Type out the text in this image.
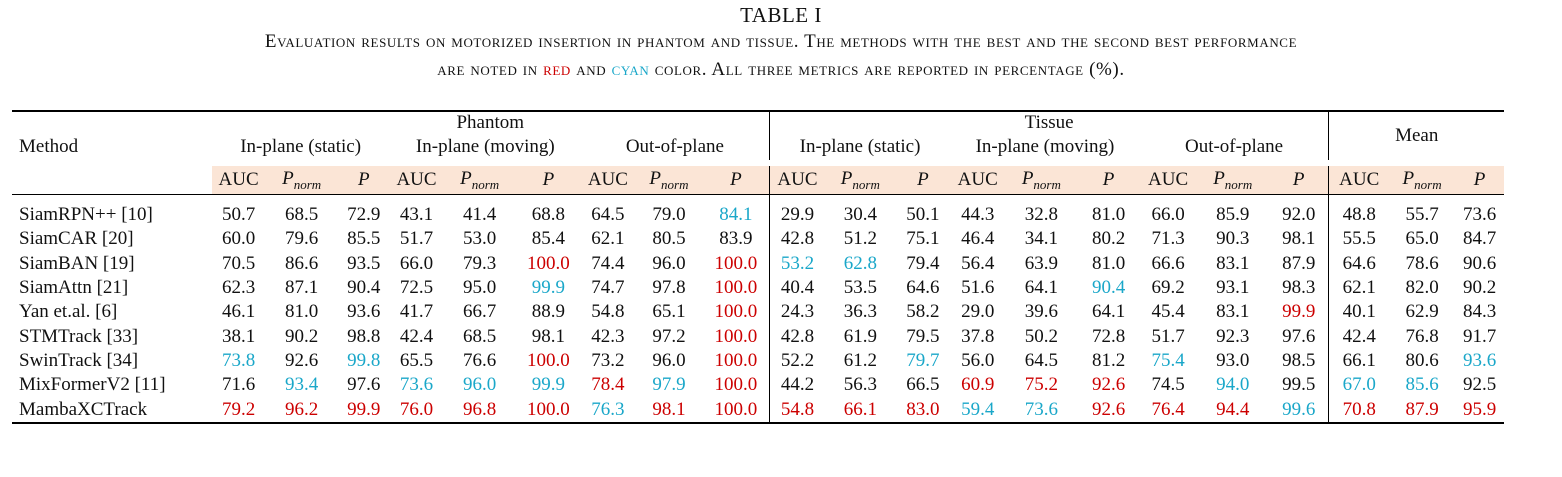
TABLE I
Evaluation results on motorized insertion in phantom and tissue. The methods with the best and the second best performance
are noted in red and cyan color. All three metrics are reported in percentage (%).
Method	Phantom									Tissue									Mean		
	In-plane (static)			In-plane (moving)			Out-of-plane			In-plane (static)			In-plane (moving)			Out-of-plane					

	AUC	$P_{norm}$	P	AUC	$P_{norm}$	P	AUC	$P_{norm}$	P	AUC	$P_{norm}$	P	AUC	$P_{norm}$	P	AUC	$P_{norm}$	P	AUC	$P_{norm}$	P
SiamRPN++ [10]	50.7	68.5	72.9	43.1	41.4	68.8	64.5	79.0	84.1	29.9	30.4	50.1	44.3	32.8	81.0	66.0	85.9	92.0	48.8	55.7	73.6
SiamCAR [20]	60.0	79.6	85.5	51.7	53.0	85.4	62.1	80.5	83.9	42.8	51.2	75.1	46.4	34.1	80.2	71.3	90.3	98.1	55.5	65.0	84.7
SiamBAN [19]	70.5	86.6	93.5	66.0	79.3	100.0	74.4	96.0	100.0	53.2	62.8	79.4	56.4	63.9	81.0	66.6	83.1	87.9	64.6	78.6	90.6
SiamAttn [21]	62.3	87.1	90.4	72.5	95.0	99.9	74.7	97.8	100.0	40.4	53.5	64.6	51.6	64.1	90.4	69.2	93.1	98.3	62.1	82.0	90.2
Yan et.al. [6]	46.1	81.0	93.6	41.7	66.7	88.9	54.8	65.1	100.0	24.3	36.3	58.2	29.0	39.6	64.1	45.4	83.1	99.9	40.1	62.9	84.3
STMTrack [33]	38.1	90.2	98.8	42.4	68.5	98.1	42.3	97.2	100.0	42.8	61.9	79.5	37.8	50.2	72.8	51.7	92.3	97.6	42.4	76.8	91.7
SwinTrack [34]	73.8	92.6	99.8	65.5	76.6	100.0	73.2	96.0	100.0	52.2	61.2	79.7	56.0	64.5	81.2	75.4	93.0	98.5	66.1	80.6	93.6
MixFormerV2 [11]	71.6	93.4	97.6	73.6	96.0	99.9	78.4	97.9	100.0	44.2	56.3	66.5	60.9	75.2	92.6	74.5	94.0	99.5	67.0	85.6	92.5
MambaXCTrack	79.2	96.2	99.9	76.0	96.8	100.0	76.3	98.1	100.0	54.8	66.1	83.0	59.4	73.6	92.6	76.4	94.4	99.6	70.8	87.9	95.9
